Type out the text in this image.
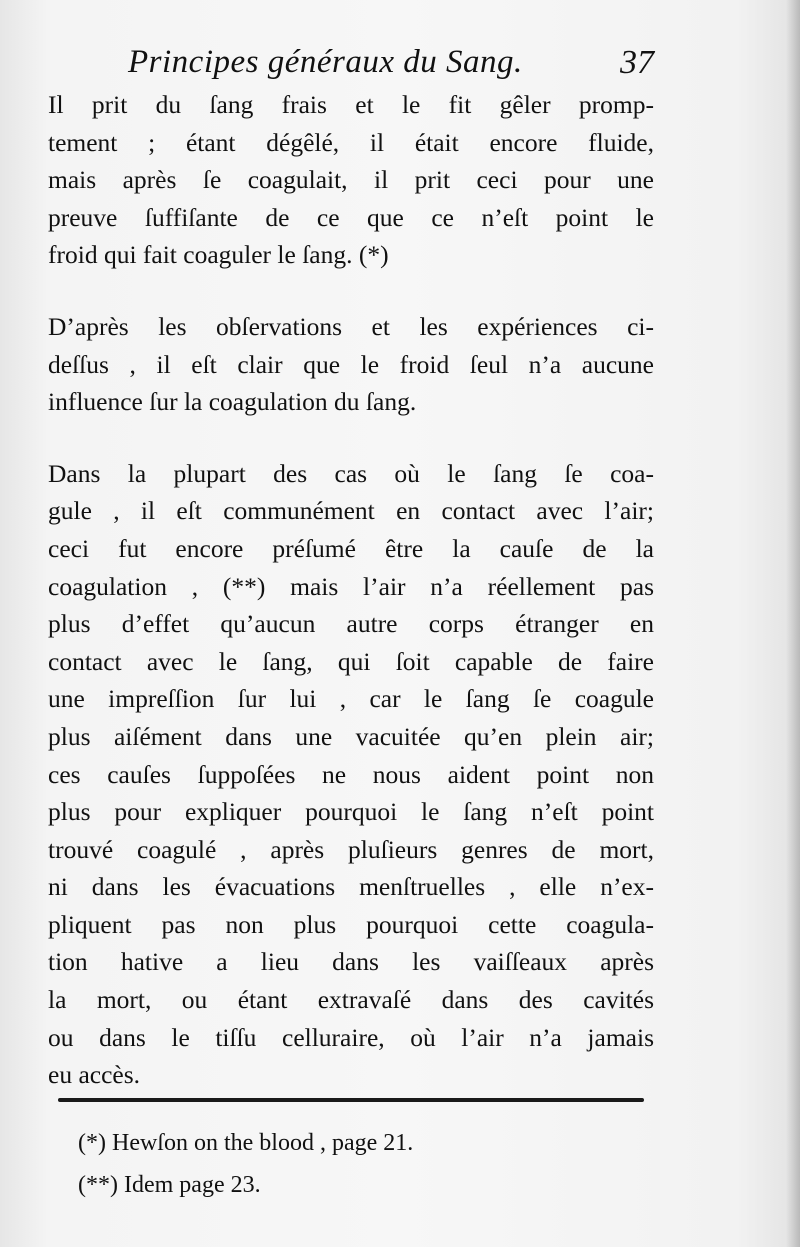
Principes généraux du Sang.	37
Il prit du ſang frais et le fit gêler promp-
tement ; étant dégêlé, il était encore fluide,
mais après ſe coagulait, il prit ceci pour une
preuve ſuffiſante de ce que ce n’eſt point le
froid qui fait coaguler le ſang. (*)
D’après les obſervations et les expériences ci-
deſſus , il eſt clair que le froid ſeul n’a aucune
influence ſur la coagulation du ſang.
Dans la plupart des cas où le ſang ſe coa-
gule , il eſt communément en contact avec l’air;
ceci fut encore préſumé être la cauſe de la
coagulation , (**) mais l’air n’a réellement pas
plus d’effet qu’aucun autre corps étranger en
contact avec le ſang, qui ſoit capable de faire
une impreſſion ſur lui , car le ſang ſe coagule
plus aiſément dans une vacuitée qu’en plein air;
ces cauſes ſuppoſées ne nous aident point non
plus pour expliquer pourquoi le ſang n’eſt point
trouvé coagulé , après pluſieurs genres de mort,
ni dans les évacuations menſtruelles , elle n’ex-
pliquent pas non plus pourquoi cette coagula-
tion hative a lieu dans les vaiſſeaux après
la mort, ou étant extravaſé dans des cavités
ou dans le tiſſu celluraire, où l’air n’a jamais
eu accès.
(*) Hewſon on the blood , page 21.
(**) Idem page 23.
